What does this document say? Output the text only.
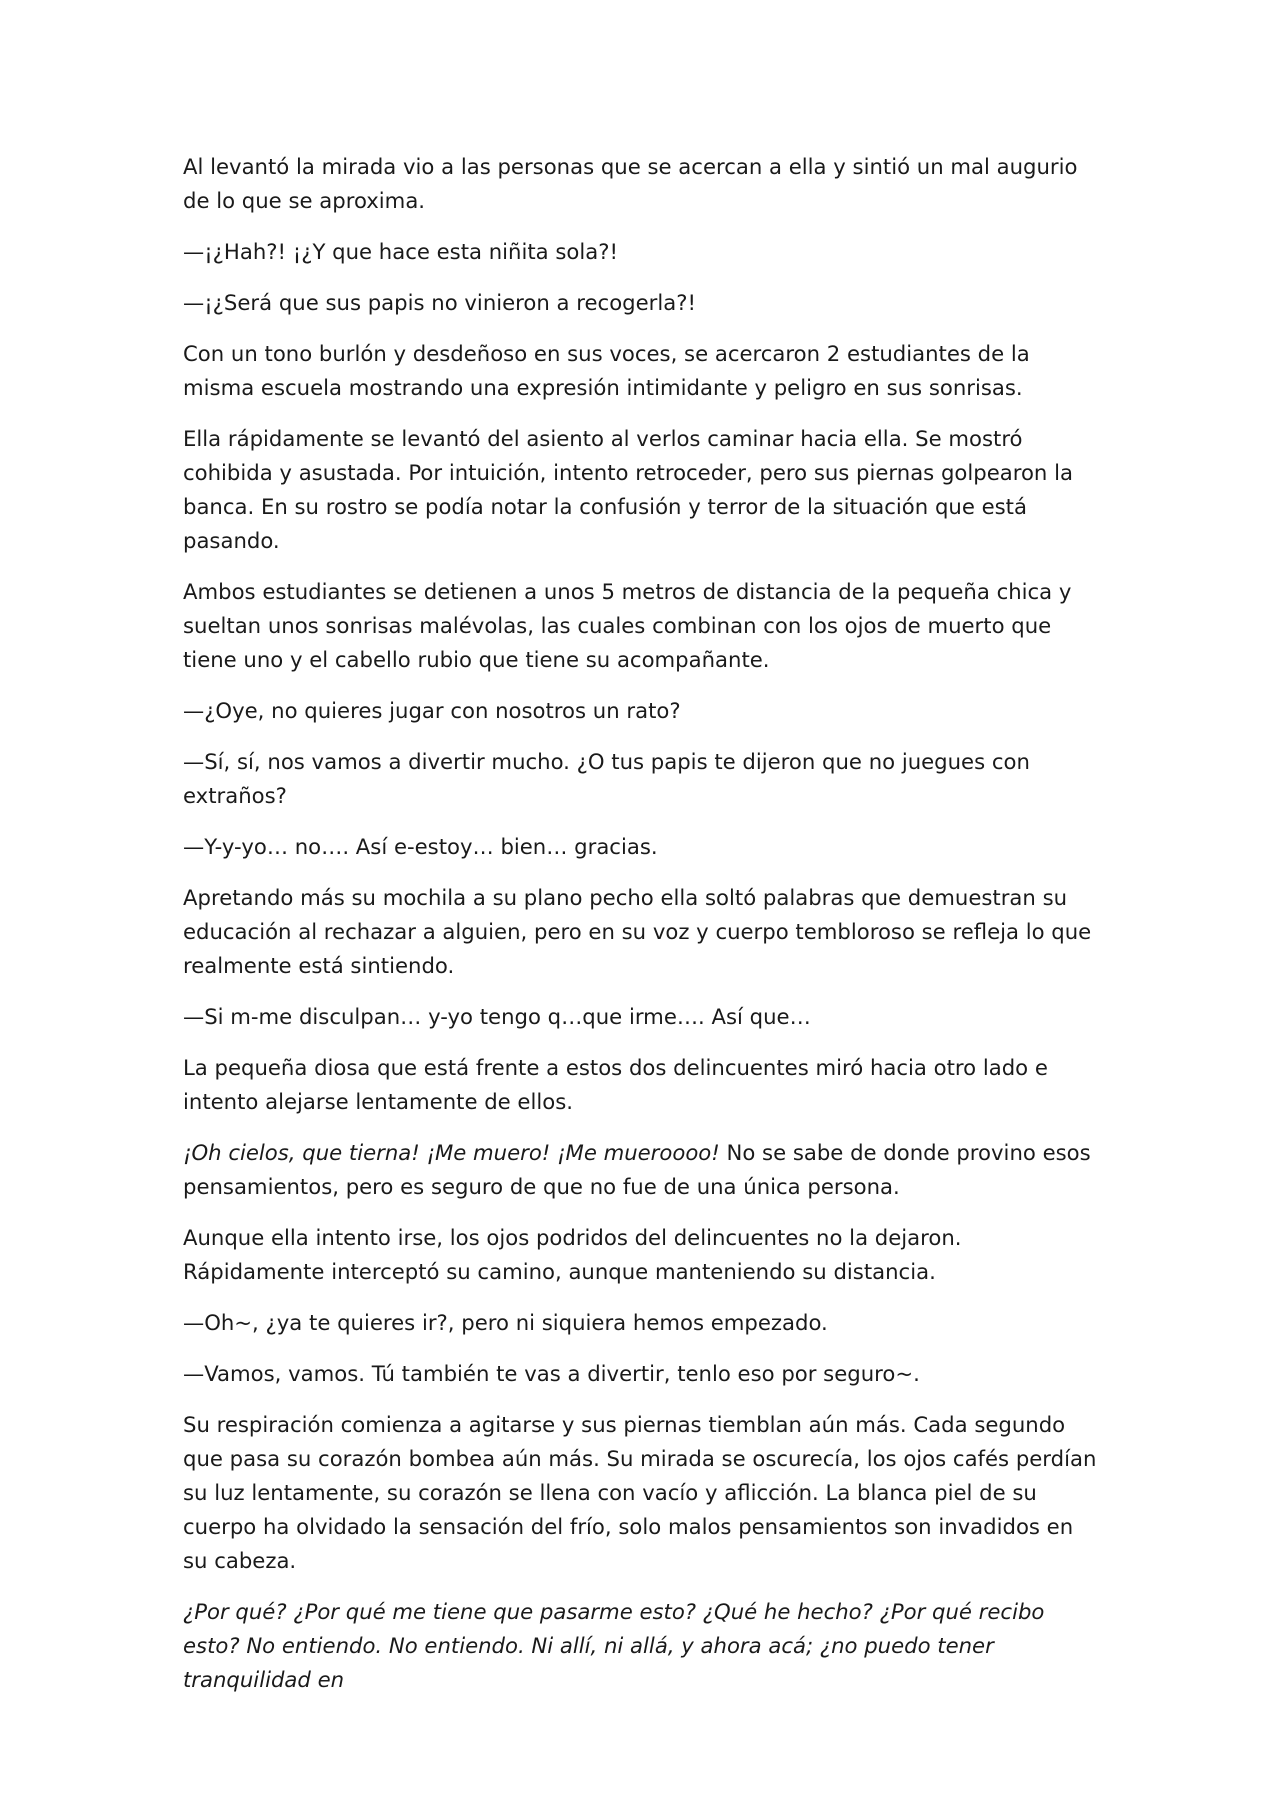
Al levantó la mirada vio a las personas que se acercan a ella y sintió un mal augurio de lo que se aproxima.

—¡¿Hah?! ¡¿Y que hace esta niñita sola?!

—¡¿Será que sus papis no vinieron a recogerla?!

Con un tono burlón y desdeñoso en sus voces, se acercaron 2 estudiantes de la misma escuela mostrando una expresión intimidante y peligro en sus sonrisas.

Ella rápidamente se levantó del asiento al verlos caminar hacia ella. Se mostró cohibida y asustada. Por intuición, intento retroceder, pero sus piernas golpearon la banca. En su rostro se podía notar la confusión y terror de la situación que está pasando.

Ambos estudiantes se detienen a unos 5 metros de distancia de la pequeña chica y sueltan unos sonrisas malévolas, las cuales combinan con los ojos de muerto que tiene uno y el cabello rubio que tiene su acompañante.

—¿Oye, no quieres jugar con nosotros un rato?

—Sí, sí, nos vamos a divertir mucho. ¿O tus papis te dijeron que no juegues con extraños?

—Y-y-yo… no…. Así e-estoy… bien… gracias.

Apretando más su mochila a su plano pecho ella soltó palabras que demuestran su educación al rechazar a alguien, pero en su voz y cuerpo tembloroso se refleja lo que realmente está sintiendo.

—Si m-me disculpan… y-yo tengo q…que irme…. Así que…

La pequeña diosa que está frente a estos dos delincuentes miró hacia otro lado e intento alejarse lentamente de ellos.

¡Oh cielos, que tierna! ¡Me muero! ¡Me mueroooo! No se sabe de donde provino esos pensamientos, pero es seguro de que no fue de una única persona.

Aunque ella intento irse, los ojos podridos del delincuentes no la dejaron. Rápidamente interceptó su camino, aunque manteniendo su distancia.

—Oh~, ¿ya te quieres ir?, pero ni siquiera hemos empezado.

—Vamos, vamos. Tú también te vas a divertir, tenlo eso por seguro~.

Su respiración comienza a agitarse y sus piernas tiemblan aún más. Cada segundo que pasa su corazón bombea aún más. Su mirada se oscurecía, los ojos cafés perdían su luz lentamente, su corazón se llena con vacío y aflicción. La blanca piel de su cuerpo ha olvidado la sensación del frío, solo malos pensamientos son invadidos en su cabeza.

¿Por qué? ¿Por qué me tiene que pasarme esto? ¿Qué he hecho? ¿Por qué recibo esto? No entiendo. No entiendo. Ni allí, ni allá, y ahora acá; ¿no puedo tener tranquilidad en
